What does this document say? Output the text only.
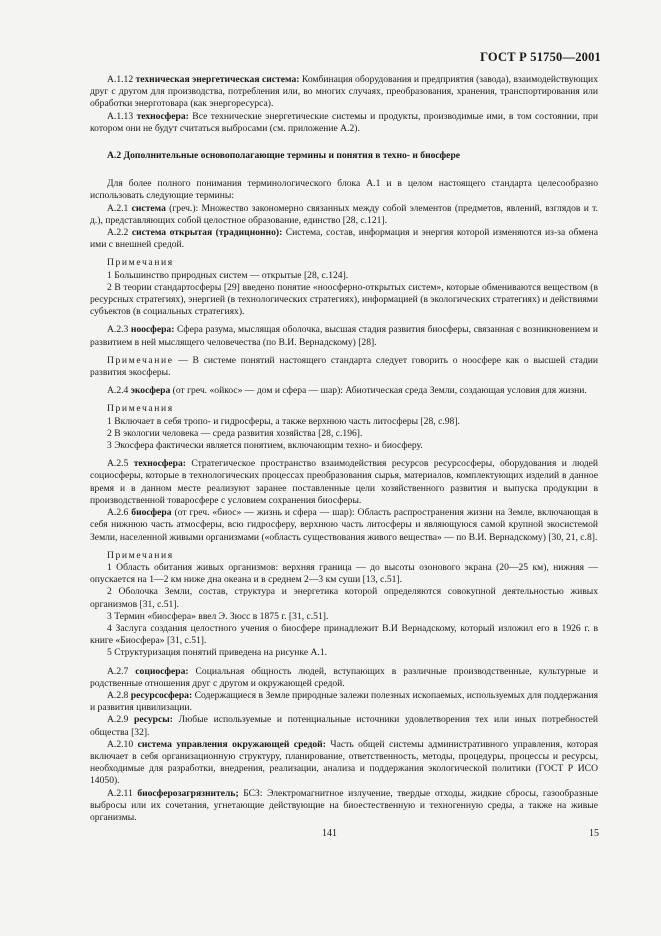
ГОСТ Р 51750—2001

А.1.12 техническая энергетическая система: Комбинация оборудования и предприятия (завода), взаимодействующих друг с другом для производства, потребления или, во многих случаях, преобразования, хранения, транспортирования или обработки энерготовара (как энергоресурса).

А.1.13 техносфера: Все технические энергетические системы и продукты, производимые ими, в том состоянии, при котором они не будут считаться выбросами (см. приложение А.2).

А.2 Дополнительные основополагающие термины и понятия в техно- и биосфере

Для более полного понимания терминологического блока А.1 и в целом настоящего стандарта целесообразно использовать следующие термины:

А.2.1 система (греч.): Множество закономерно связанных между собой элементов (предметов, явлений, взглядов и т. д.), представляющих собой целостное образование, единство [28, с.121].

А.2.2 система открытая (традиционно): Система, состав, информация и энергия которой изменяются из-за обмена ими с внешней средой.

Примечания

1 Большинство природных систем — открытые [28, с.124].

2 В теории стандартосферы [29] введено понятие «ноосферно-открытых систем», которые обмениваются веществом (в ресурсных стратегиях), энергией (в технологических стратегиях), информацией (в экологических стратегиях) и действиями субъектов (в социальных стратегиях).

А.2.3 ноосфера: Сфера разума, мыслящая оболочка, высшая стадия развития биосферы, связанная с возникновением и развитием в ней мыслящего человечества (по В.И. Вернадскому) [28].

Примечание — В системе понятий настоящего стандарта следует говорить о ноосфере как о высшей стадии развития экосферы.

А.2.4 экосфера (от греч. «ойкос» — дом и сфера — шар): Абиотическая среда Земли, создающая условия для жизни.

Примечания

1 Включает в себя тропо- и гидросферы, а также верхнюю часть литосферы [28, с.98].

2 В экологии человека — среда развития хозяйства [28, с.196].

3 Экосфера фактически является понятием, включающим техно- и биосферу.

А.2.5 техносфера: Стратегическое пространство взаимодействия ресурсов ресурсосферы, оборудования и людей социосферы, которые в технологических процессах преобразования сырья, материалов, комплектующих изделий в данное время и в данном месте реализуют заранее поставленные цели хозяйственного развития и выпуска продукции в производственной товаросфере с условием сохранения биосферы.

А.2.6 биосфера (от греч. «биос» — жизнь и сфера — шар): Область распространения жизни на Земле, включающая в себя нижнюю часть атмосферы, всю гидросферу, верхнюю часть литосферы и являющуюся самой крупной экосистемой Земли, населенной живыми организмами («область существования живого вещества» — по В.И. Вернадскому) [30, 21, с.8].

Примечания

1 Область обитания живых организмов: верхняя граница — до высоты озонового экрана (20—25 км), нижняя — опускается на 1—2 км ниже дна океана и в среднем 2—3 км суши [13, с.51].

2 Оболочка Земли, состав, структура и энергетика которой определяются совокупной деятельностью живых организмов [31, с.51].

3 Термин «биосфера» ввел Э. Зюсс в 1875 г. [31, с.51].

4 Заслуга создания целостного учения о биосфере принадлежит В.И Вернадскому, который изложил его в 1926 г. в книге «Биосфера» [31, с.51].

5 Структуризация понятий приведена на рисунке А.1.

А.2.7 социосфера: Социальная общность людей, вступающих в различные производственные, культурные и родственные отношения друг с другом и окружающей средой.

А.2.8 ресурсосфера: Содержащиеся в Земле природные залежи полезных ископаемых, используемых для поддержания и развития цивилизации.

А.2.9 ресурсы: Любые используемые и потенциальные источники удовлетворения тех или иных потребностей общества [32].

А.2.10 система управления окружающей средой: Часть общей системы административного управления, которая включает в себя организационную структуру, планирование, ответственность, методы, процедуры, процессы и ресурсы, необходимые для разработки, внедрения, реализации, анализа и поддержания экологической политики (ГОСТ Р ИСО 14050).

А.2.11 биосферозагрязнитель; БСЗ: Электромагнитное излучение, твердые отходы, жидкие сбросы, газообразные выбросы или их сочетания, угнетающие действующие на биоестественную и техногенную среды, а также на живые организмы.

141	15
